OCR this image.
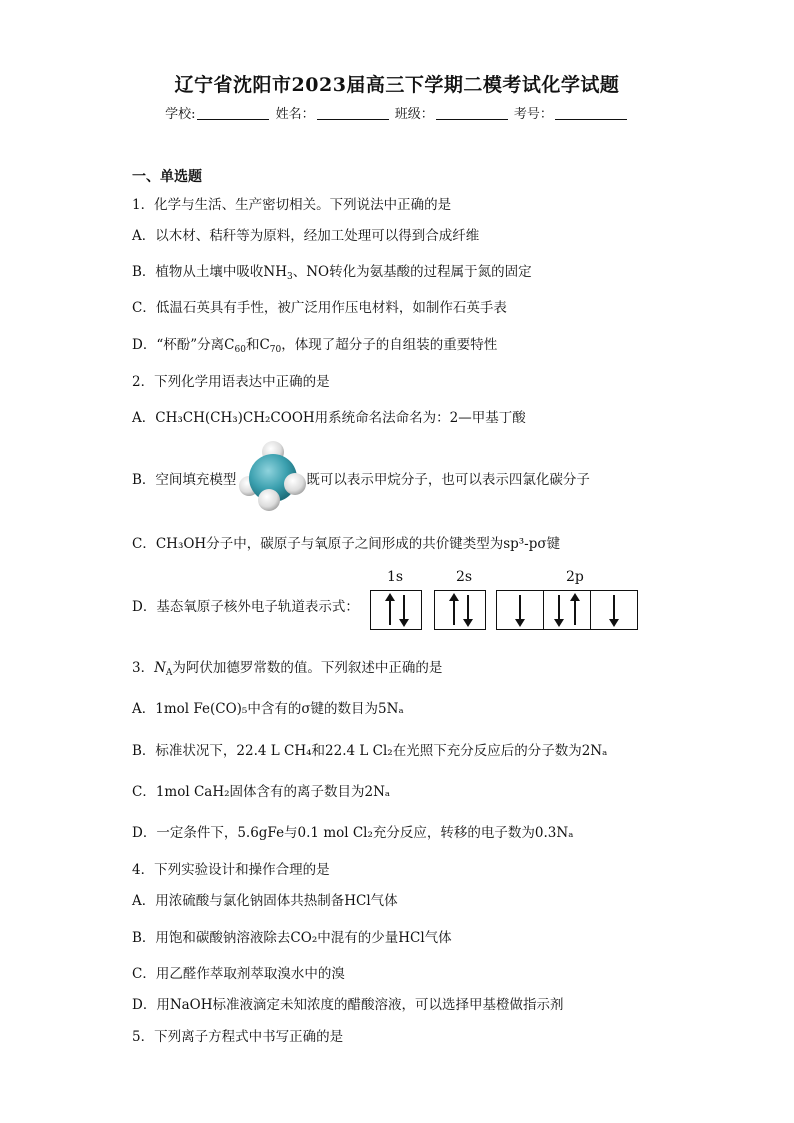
辽宁省沈阳市2023届高三下学期二模考试化学试题
学校:	姓名：	班级：	考号：
一、单选题
1．化学与生活、生产密切相关。下列说法中正确的是
A．以木材、秸秆等为原料，经加工处理可以得到合成纤维
B．植物从土壤中吸收$NH_3$、NO转化为氨基酸的过程属于氮的固定
C．低温石英具有手性，被广泛用作压电材料，如制作石英手表
D．“杯酚”分离$C_{60}$和$C_{70}$，体现了超分子的自组装的重要特性
2．下列化学用语表达中正确的是
A．CH₃CH(CH₃)CH₂COOH用系统命名法命名为：2—甲基丁酸
B．空间填充模型	既可以表示甲烷分子，也可以表示四氯化碳分子
C．CH₃OH分子中，碳原子与氧原子之间形成的共价键类型为sp³-pσ键
D．基态氧原子核外电子轨道表示式：
1s	2s	2p
3．$N_A$为阿伏加德罗常数的值。下列叙述中正确的是
A．1mol Fe(CO)₅中含有的σ键的数目为5Nₐ
B．标准状况下，22.4 L CH₄和22.4 L Cl₂在光照下充分反应后的分子数为2Nₐ
C．1mol CaH₂固体含有的离子数目为2Nₐ
D．一定条件下，5.6gFe与0.1 mol Cl₂充分反应，转移的电子数为0.3Nₐ
4．下列实验设计和操作合理的是
A．用浓硫酸与氯化钠固体共热制备HCl气体
B．用饱和碳酸钠溶液除去CO₂中混有的少量HCl气体
C．用乙醛作萃取剂萃取溴水中的溴
D．用NaOH标准液滴定未知浓度的醋酸溶液，可以选择甲基橙做指示剂
5．下列离子方程式中书写正确的是
